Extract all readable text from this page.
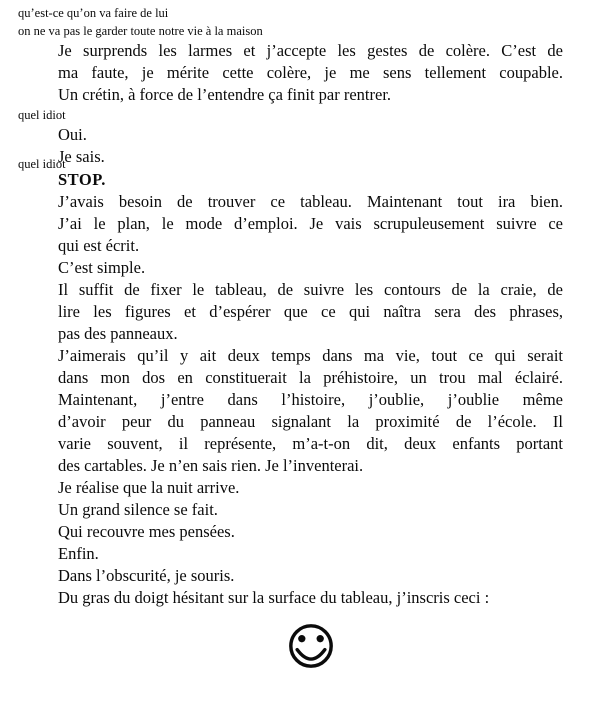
qu’est-ce qu’on va faire de lui
on ne va pas le garder toute notre vie à la maison
Je surprends les larmes et j’accepte les gestes de colère. C’est de
ma faute, je mérite cette colère, je me sens tellement coupable.
Un crétin, à force de l’entendre ça finit par rentrer.
quel idiot
Oui.
Je sais.
quel idiot
STOP.
J’avais besoin de trouver ce tableau. Maintenant tout ira bien.
J’ai le plan, le mode d’emploi. Je vais scrupuleusement suivre ce
qui est écrit.
C’est simple.
Il suffit de fixer le tableau, de suivre les contours de la craie, de
lire les figures et d’espérer que ce qui naîtra sera des phrases,
pas des panneaux.
J’aimerais qu’il y ait deux temps dans ma vie, tout ce qui serait
dans mon dos en constituerait la préhistoire, un trou mal éclairé.
Maintenant, j’entre dans l’histoire, j’oublie, j’oublie même
d’avoir peur du panneau signalant la proximité de l’école. Il
varie souvent, il représente, m’a-t-on dit, deux enfants portant
des cartables. Je n’en sais rien. Je l’inventerai.
Je réalise que la nuit arrive.
Un grand silence se fait.
Qui recouvre mes pensées.
Enfin.
Dans l’obscurité, je souris.
Du gras du doigt hésitant sur la surface du tableau, j’inscris ceci :
